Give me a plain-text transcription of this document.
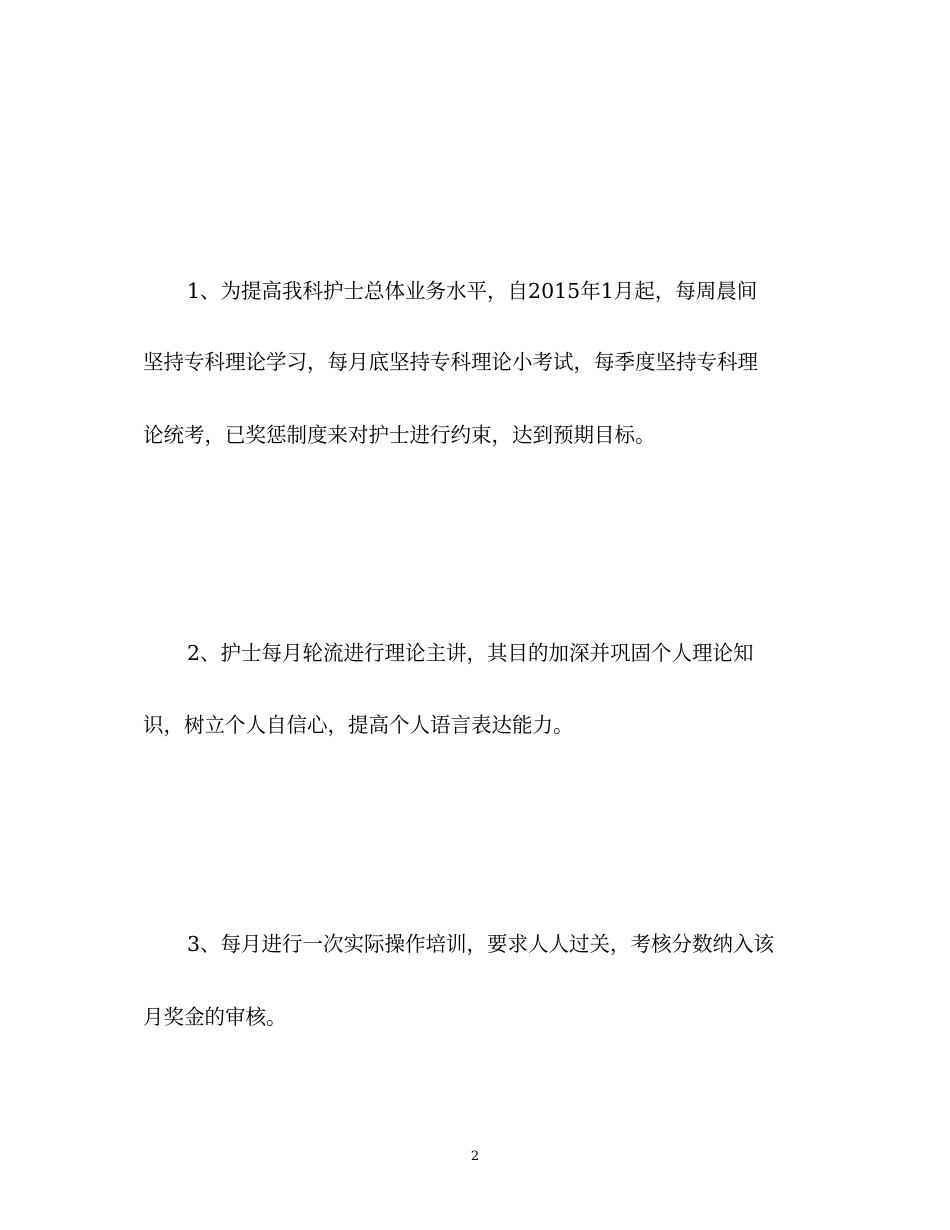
1、为提高我科护士总体业务水平，自2015年1月起，每周晨间
坚持专科理论学习，每月底坚持专科理论小考试，每季度坚持专科理
论统考，已奖惩制度来对护士进行约束，达到预期目标。
2、护士每月轮流进行理论主讲，其目的加深并巩固个人理论知
识，树立个人自信心，提高个人语言表达能力。
3、每月进行一次实际操作培训，要求人人过关，考核分数纳入该
月奖金的审核。
2
